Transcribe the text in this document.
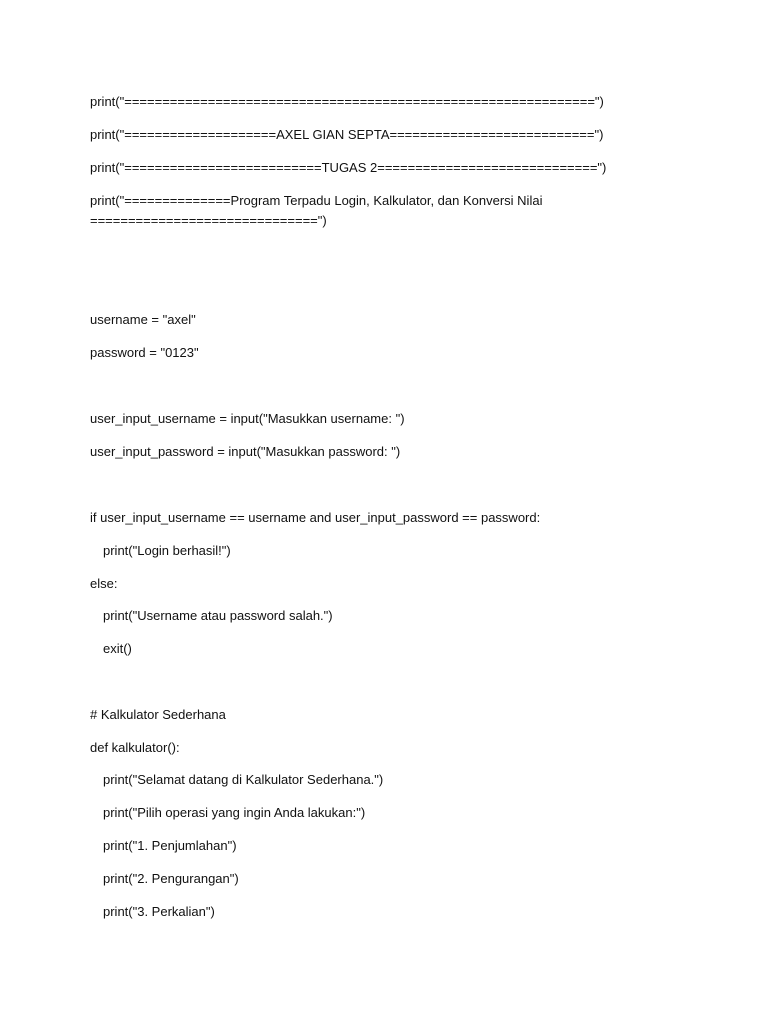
print("==============================================================")

print("====================AXEL GIAN SEPTA===========================")

print("==========================TUGAS 2=============================")

print("==============Program Terpadu Login, Kalkulator, dan Konversi Nilai

==============================")

username = "axel"

password = "0123"

user_input_username = input("Masukkan username: ")

user_input_password = input("Masukkan password: ")

if user_input_username == username and user_input_password == password:

print("Login berhasil!")

else:

print("Username atau password salah.")

exit()

# Kalkulator Sederhana

def kalkulator():

print("Selamat datang di Kalkulator Sederhana.")

print("Pilih operasi yang ingin Anda lakukan:")

print("1. Penjumlahan")

print("2. Pengurangan")

print("3. Perkalian")
